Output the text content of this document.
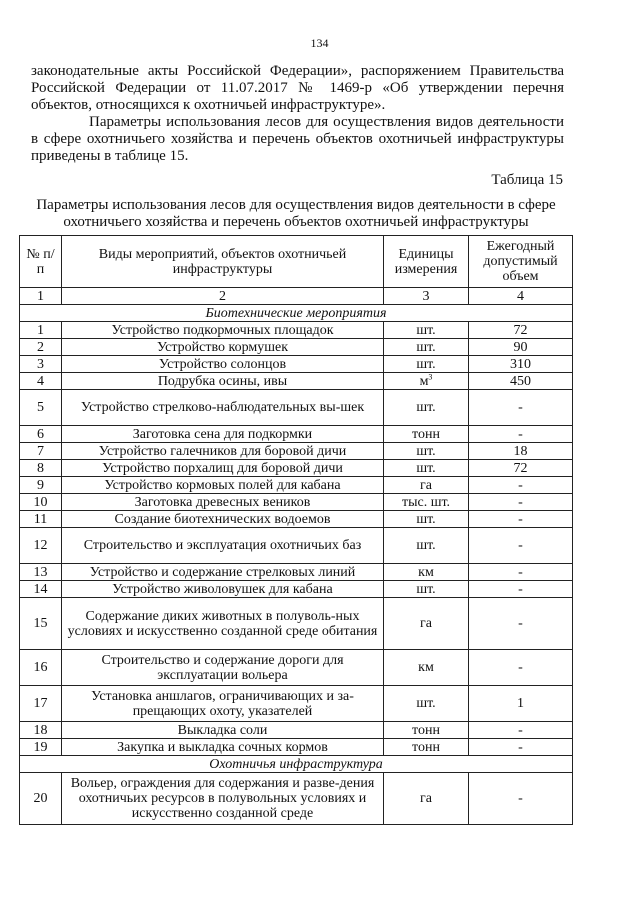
134

законодательные акты Российской Федерации», распоряжением Правительства Российской Федерации от 11.07.2017 № 1469-р «Об утверждении перечня объектов, относящихся к охотничьей инфраструктуре».

Параметры использования лесов для осуществления видов деятельности в сфере охотничьего хозяйства и перечень объектов охотничьей инфраструктуры приведены в таблице 15.

Таблица 15
Параметры использования лесов для осуществления видов деятельности в сфере охотничьего хозяйства и перечень объектов охотничьей инфраструктуры
№ п/п	Виды мероприятий, объектов охотничьей инфраструктуры	Единицы измерения	Ежегодный допустимый объем
1	2	3	4
Биотехнические мероприятия			
1	Устройство подкормочных площадок	шт.	72
2	Устройство кормушек	шт.	90
3	Устройство солонцов	шт.	310
4	Подрубка осины, ивы	$м^3$	450
5	Устройство стрелково-наблюдательных вы-шек	шт.	-
6	Заготовка сена для подкормки	тонн	-
7	Устройство галечников для боровой дичи	шт.	18
8	Устройство порхалищ для боровой дичи	шт.	72
9	Устройство кормовых полей для кабана	га	-
10	Заготовка древесных веников	тыс. шт.	-
11	Создание биотехнических водоемов	шт.	-
12	Строительство и эксплуатация охотничьих баз	шт.	-
13	Устройство и содержание стрелковых линий	км	-
14	Устройство живоловушек для кабана	шт.	-
15	Содержание диких животных в полуволь-ных условиях и искусственно созданной среде обитания	га	-
16	Строительство и содержание дороги для эксплуатации вольера	км	-
17	Установка аншлагов, ограничивающих и за-прещающих охоту, указателей	шт.	1
18	Выкладка соли	тонн	-
19	Закупка и выкладка сочных кормов	тонн	-
Охотничья инфраструктура			
20	Вольер, ограждения для содержания и разве-дения охотничьих ресурсов в полувольных условиях и искусственно созданной среде	га	-
